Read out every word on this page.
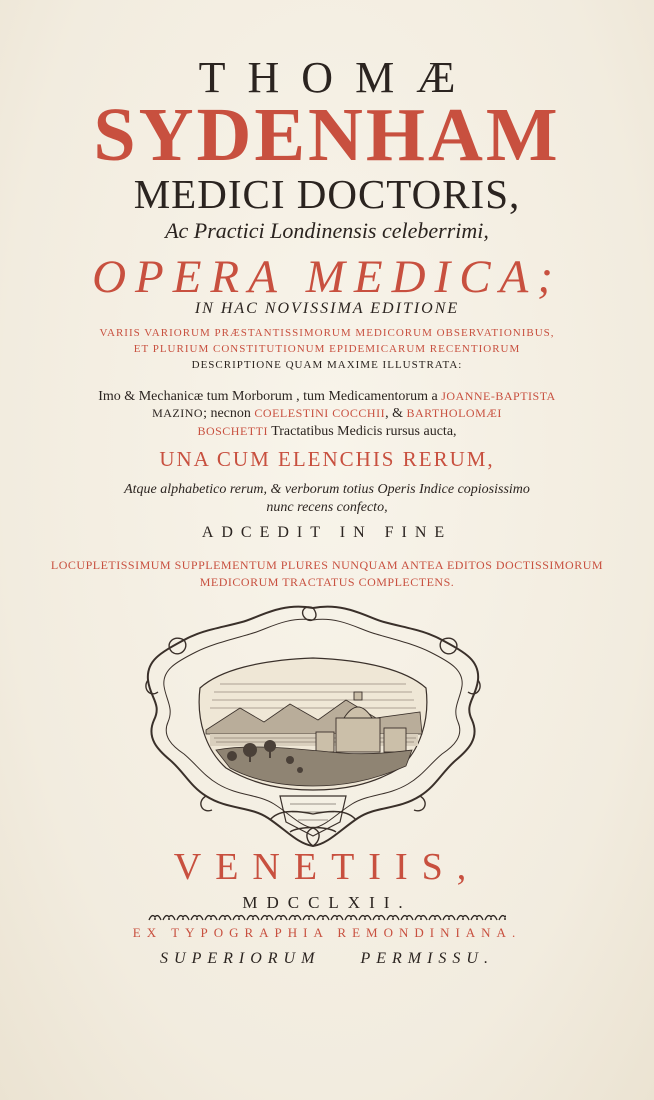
THOMÆ
SYDENHAM
MEDICI DOCTORIS,
Ac Practici Londinensis celeberrimi,
OPERA MEDICA;
IN HAC NOVISSIMA EDITIONE
VARIIS VARIORUM PRÆSTANTISSIMORUM MEDICORUM OBSERVATIONIBUS,
ET PLURIUM CONSTITUTIONUM EPIDEMICARUM RECENTIORUM
DESCRIPTIONE QUAM MAXIME ILLUSTRATA:
Imo & Mechanicæ tum Morborum , tum Medicamentorum a JOANNE-BAPTISTA
MAZINO; necnon COELESTINI COCCHII, & BARTHOLOMÆI
BOSCHETTI Tractatibus Medicis rursus aucta,
UNA CUM ELENCHIS RERUM,
Atque alphabetico rerum, & verborum totius Operis Indice copiosissimo
nunc recens confecto,
ADCEDIT IN FINE
LOCUPLETISSIMUM SUPPLEMENTUM PLURES NUNQUAM ANTEA EDITOS DOCTISSIMORUM
MEDICORUM TRACTATUS COMPLECTENS.
VENETIIS,
MDCCLXII.
EX TYPOGRAPHIA REMONDINIANA.
SUPERIORUM	PERMISSU.
